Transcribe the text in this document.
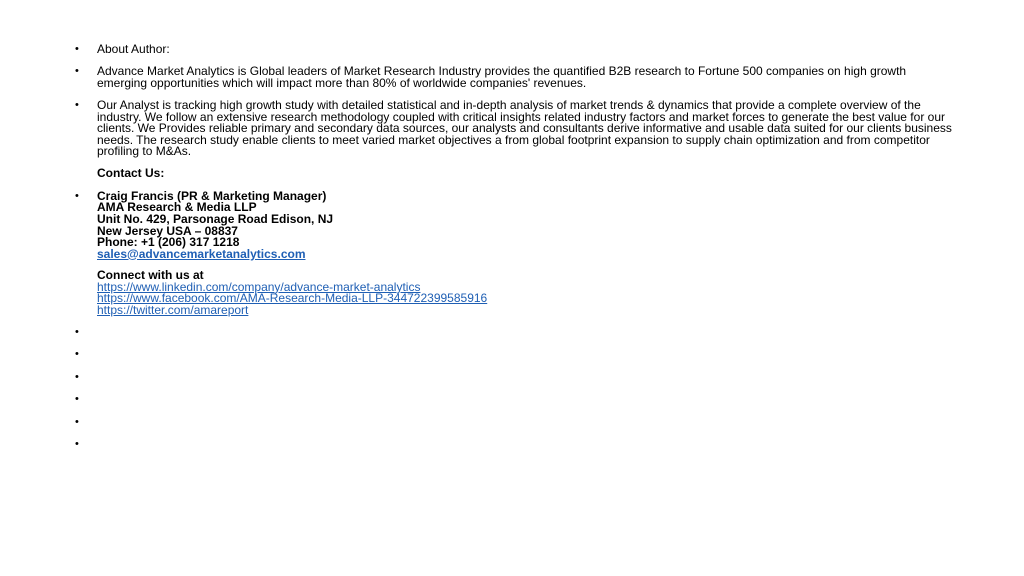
• About Author:

• Advance Market Analytics is Global leaders of Market Research Industry provides the quantified B2B research to Fortune 500 companies on high growth emerging opportunities which will impact more than 80% of worldwide companies' revenues.

• Our Analyst is tracking high growth study with detailed statistical and in-depth analysis of market trends & dynamics that provide a complete overview of the industry. We follow an extensive research methodology coupled with critical insights related industry factors and market forces to generate the best value for our clients. We Provides reliable primary and secondary data sources, our analysts and consultants derive informative and usable data suited for our clients business needs. The research study enable clients to meet varied market objectives a from global footprint expansion to supply chain optimization and from competitor profiling to M&As.

Contact Us:

• Craig Francis (PR & Marketing Manager)
AMA Research & Media LLP
Unit No. 429, Parsonage Road Edison, NJ
New Jersey USA – 08837
Phone: +1 (206) 317 1218
sales@advancemarketanalytics.com
Connect with us at
https://www.linkedin.com/company/advance-market-analytics
https://www.facebook.com/AMA-Research-Media-LLP-344722399585916
https://twitter.com/amareport
•
•
•
•
•
•
